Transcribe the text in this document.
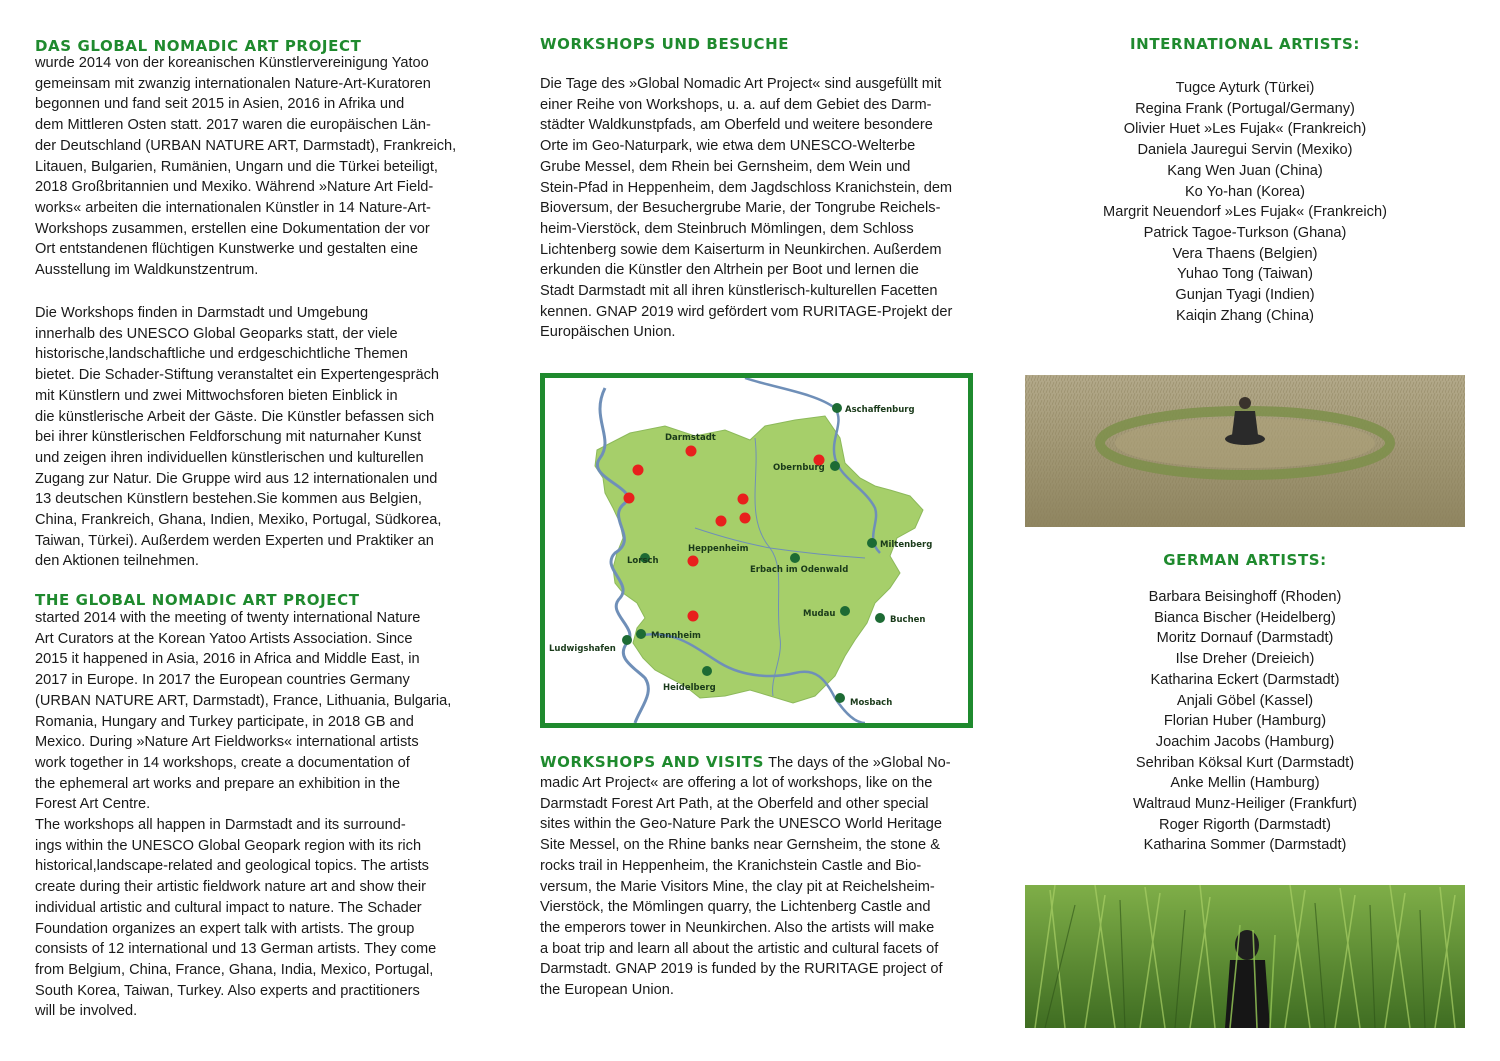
DAS GLOBAL NOMADIC ART PROJECT

wurde 2014 von der koreanischen Künstlervereinigung Yatoo
gemeinsam mit zwanzig internationalen Nature-Art-Kuratoren
begonnen und fand seit 2015 in Asien, 2016 in Afrika und
dem Mittleren Osten statt. 2017 waren die europäischen Län-
der Deutschland (URBAN NATURE ART, Darmstadt), Frankreich,
Litauen, Bulgarien, Rumänien, Ungarn und die Türkei beteiligt,
2018 Großbritannien und Mexiko. Während »Nature Art Field-
works« arbeiten die internationalen Künstler in 14 Nature-Art-
Workshops zusammen, erstellen eine Dokumentation der vor
Ort entstandenen flüchtigen Kunstwerke und gestalten eine
Ausstellung im Waldkunstzentrum.

Die Workshops finden in Darmstadt und Umgebung
innerhalb des UNESCO Global Geoparks statt, der viele
historische,landschaftliche und erdgeschichtliche Themen
bietet. Die Schader-Stiftung veranstaltet ein Expertengespräch
mit Künstlern und zwei Mittwochsforen bieten Einblick in
die künstlerische Arbeit der Gäste. Die Künstler befassen sich
bei ihrer künstlerischen Feldforschung mit naturnaher Kunst
und zeigen ihren individuellen künstlerischen und kulturellen
Zugang zur Natur. Die Gruppe wird aus 12 internationalen und
13 deutschen Künstlern bestehen.Sie kommen aus Belgien,
China, Frankreich, Ghana, Indien, Mexiko, Portugal, Südkorea,
Taiwan, Türkei). Außerdem werden Experten und Praktiker an
den Aktionen teilnehmen.

THE GLOBAL NOMADIC ART PROJECT

started 2014 with the meeting of twenty international Nature
Art Curators at the Korean Yatoo Artists Association. Since
2015 it happened in Asia, 2016 in Africa and Middle East, in
2017 in Europe. In 2017 the European countries Germany
(URBAN NATURE ART, Darmstadt), France, Lithuania, Bulgaria,
Romania, Hungary and Turkey participate, in 2018 GB and
Mexico. During »Nature Art Fieldworks« international artists
work together in 14 workshops, create a documentation of
the ephemeral art works and prepare an exhibition in the
Forest Art Centre.

The workshops all happen in Darmstadt and its surround-
ings within the UNESCO Global Geopark region with its rich
historical,landscape-related and geological topics. The artists
create during their artistic fieldwork nature art and show their
individual artistic and cultural impact to nature. The Schader
Foundation organizes an expert talk with artists. The group
consists of 12 international und 13 German artists. They come
from Belgium, China, France, Ghana, India, Mexico, Portugal,
South Korea, Taiwan, Turkey. Also experts and practitioners
will be involved.

WORKSHOPS UND BESUCHE

Die Tage des »Global Nomadic Art Project« sind ausgefüllt mit
einer Reihe von Workshops, u. a. auf dem Gebiet des Darm-
städter Waldkunstpfads, am Oberfeld und weitere besondere
Orte im Geo-Naturpark, wie etwa dem UNESCO-Welterbe
Grube Messel, dem Rhein bei Gernsheim, dem Wein und
Stein-Pfad in Heppenheim, dem Jagdschloss Kranichstein, dem
Bioversum, der Besuchergrube Marie, der Tongrube Reichels-
heim-Vierstöck, dem Steinbruch Mömlingen, dem Schloss
Lichtenberg sowie dem Kaiserturm in Neunkirchen. Außerdem
erkunden die Künstler den Altrhein per Boot und lernen die
Stadt Darmstadt mit all ihren künstlerisch-kulturellen Facetten
kennen. GNAP 2019 wird gefördert vom RURITAGE-Projekt der
Europäischen Union.

WORKSHOPS AND VISITS The days of the »Global No-

madic Art Project« are offering a lot of workshops, like on the
Darmstadt Forest Art Path, at the Oberfeld and other special
sites within the Geo-Nature Park the UNESCO World Heritage
Site Messel, on the Rhine banks near Gernsheim, the stone &
rocks trail in Heppenheim, the Kranichstein Castle and Bio-
versum, the Marie Visitors Mine, the clay pit at Reichelsheim-
Vierstöck, the Mömlingen quarry, the Lichtenberg Castle and
the emperors tower in Neunkirchen. Also the artists will make
a boat trip and learn all about the artistic and cultural facets of
Darmstadt. GNAP 2019 is funded by the RURITAGE project of
the European Union.

Aschaffenburg
Darmstadt
Obernburg
Miltenberg
Lorsch
Heppenheim
Erbach im Odenwald
Mudau
Buchen
Ludwigshafen
Mannheim
Heidelberg
Mosbach
INTERNATIONAL ARTISTS:
Tugce Ayturk (Türkei)
Regina Frank (Portugal/Germany)
Olivier Huet »Les Fujak« (Frankreich)
Daniela Jauregui Servin (Mexiko)
Kang Wen Juan (China)
Ko Yo-han (Korea)
Margrit Neuendorf »Les Fujak« (Frankreich)
Patrick Tagoe-Turkson (Ghana)
Vera Thaens (Belgien)
Yuhao Tong (Taiwan)
Gunjan Tyagi (Indien)
Kaiqin Zhang (China)
GERMAN ARTISTS:
Barbara Beisinghoff (Rhoden)
Bianca Bischer (Heidelberg)
Moritz Dornauf (Darmstadt)
Ilse Dreher (Dreieich)
Katharina Eckert (Darmstadt)
Anjali Göbel (Kassel)
Florian Huber (Hamburg)
Joachim Jacobs (Hamburg)
Sehriban Köksal Kurt (Darmstadt)
Anke Mellin (Hamburg)
Waltraud Munz-Heiliger (Frankfurt)
Roger Rigorth (Darmstadt)
Katharina Sommer (Darmstadt)
